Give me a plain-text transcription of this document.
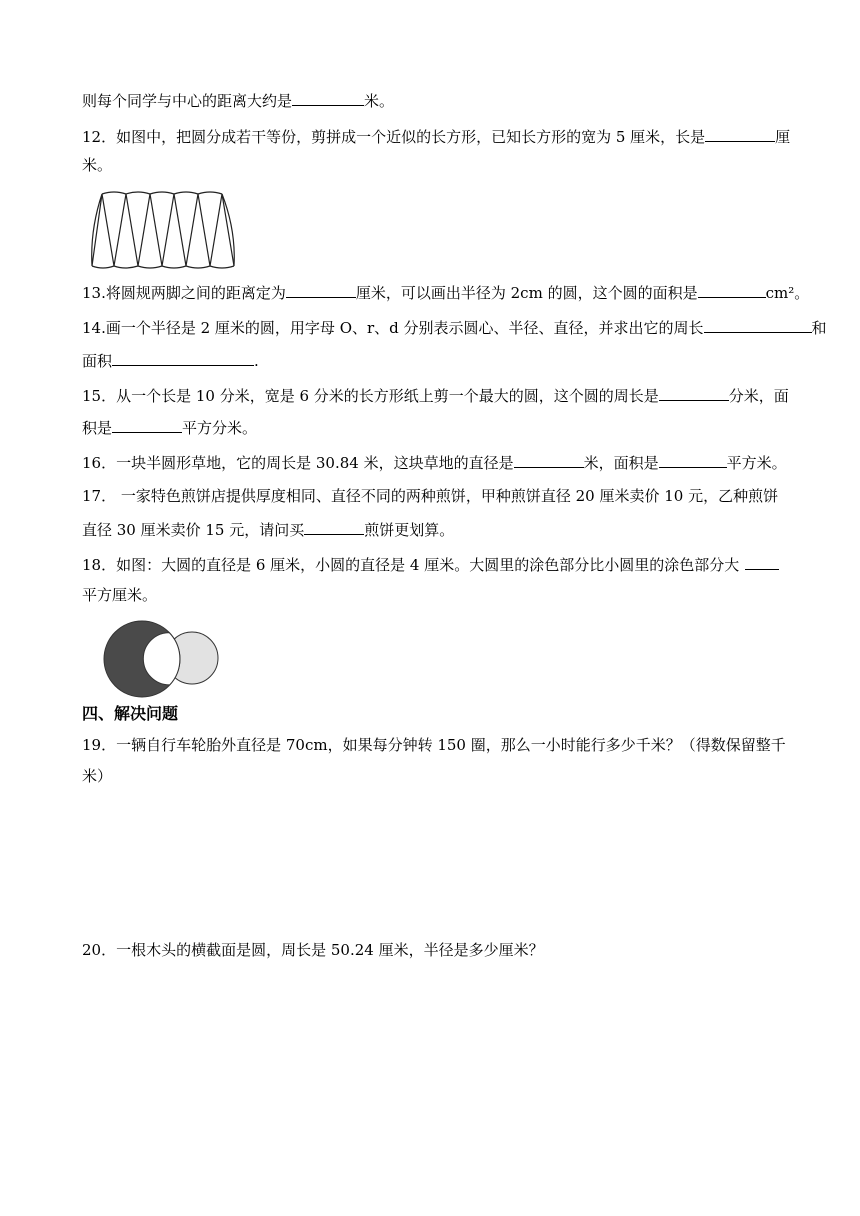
则每个同学与中心的距离大约是	米。
12．如图中，把圆分成若干等份，剪拼成一个近似的长方形，已知长方形的宽为 5 厘米，长是	厘
米。
13.将圆规两脚之间的距离定为	厘米，可以画出半径为 2cm 的圆，这个圆的面积是	cm²。
14.画一个半径是 2 厘米的圆，用字母 O、r、d 分别表示圆心、半径、直径，并求出它的周长	和
面积	.
15．从一个长是 10 分米，宽是 6 分米的长方形纸上剪一个最大的圆，这个圆的周长是	分米，面
积是	平方分米。
16．一块半圆形草地，它的周长是 30.84 米，这块草地的直径是	米，面积是	平方米。
17． 一家特色煎饼店提供厚度相同、直径不同的两种煎饼，甲种煎饼直径 20 厘米卖价 10 元，乙种煎饼
直径 30 厘米卖价 15 元，请问买	煎饼更划算。
18．如图：大圆的直径是 6 厘米，小圆的直径是 4 厘米。大圆里的涂色部分比小圆里的涂色部分大
平方厘米。
四、解决问题
19．一辆自行车轮胎外直径是 70cm，如果每分钟转 150 圈，那么一小时能行多少千米？（得数保留整千
米）
20．一根木头的横截面是圆，周长是 50.24 厘米，半径是多少厘米？
